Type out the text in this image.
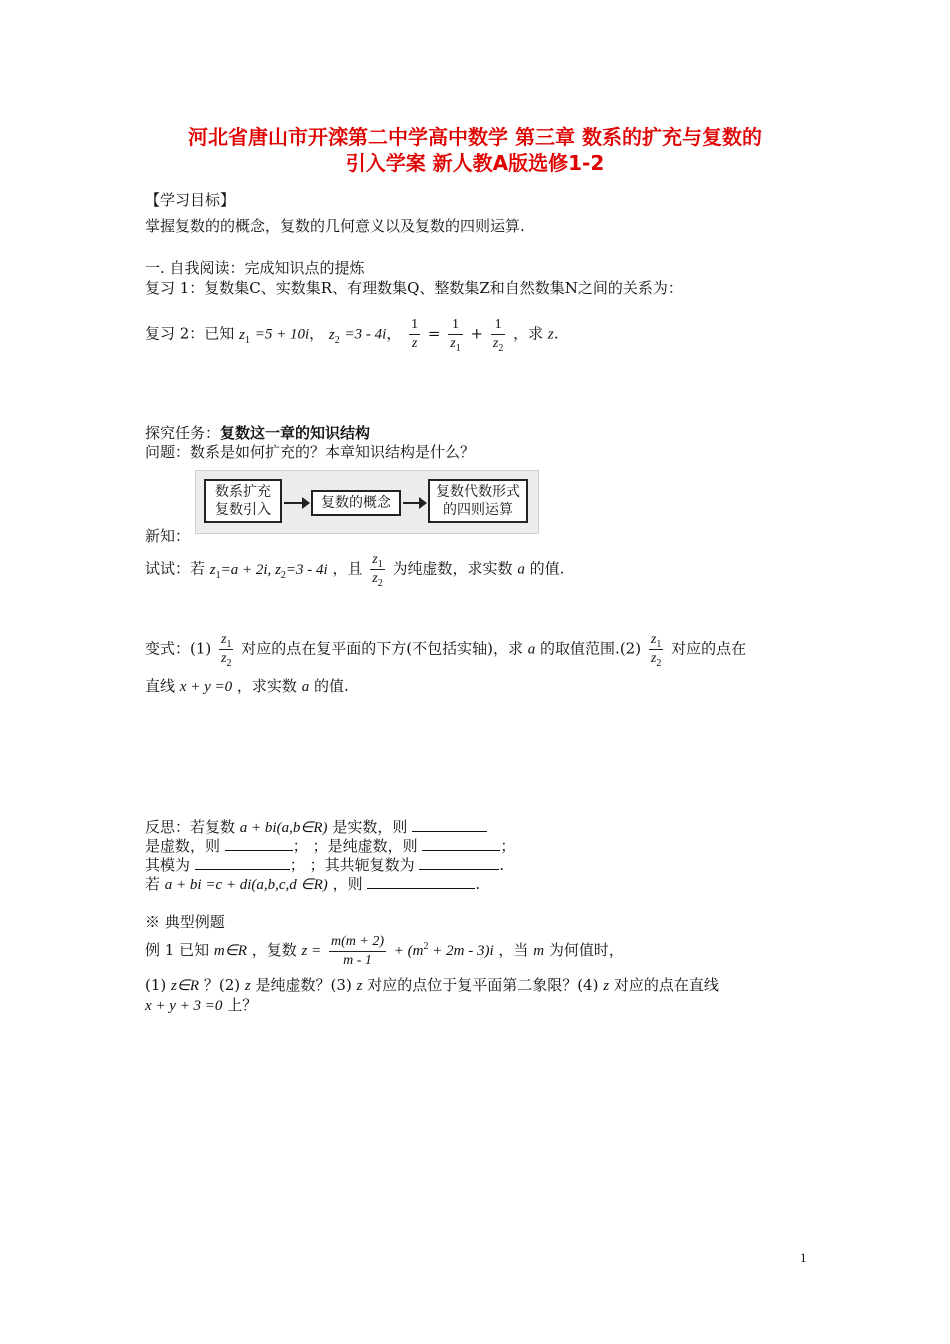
河北省唐山市开滦第二中学高中数学 第三章 数系的扩充与复数的
引入学案 新人教A版选修1-2
【学习目标】
掌握复数的的概念，复数的几何意义以及复数的四则运算.
一. 自我阅读：完成知识点的提炼
复习 1：复数集C、实数集R、有理数集Q、整数集Z和自然数集N之间的关系为：
复习 2：已知 $z_1 =5 + 10i$， $z_2 =3 - 4i$， $\frac{1}{z} = \frac{1}{z_1} + \frac{1}{z_2}$ ，求 z.
探究任务：复数这一章的知识结构
问题：数系是如何扩充的？本章知识结构是什么？
数系扩充
复数引入	复数的概念
复数代数形式
的四则运算
新知：
试试：若 $z_1=a + 2i$, $z_2=3 - 4i$ ，且 $\frac{z_1}{z_2}$ 为纯虚数，求实数 a 的值.
变式：$(1) \frac{z_1}{z_2}$ 对应的点在复平面的下方(不包括实轴)，求 a 的取值范围$.(2) \frac{z_1}{z_2}$ 对应的点在
直线 x + y =0 ，求实数 a 的值.
反思：若复数 a + bi(a,b∈R) 是实数，则
是虚数，则	； ；是纯虚数，则	；
其模为	； ；其共轭复数为	.
若 a + bi =c + di(a,b,c,d ∈R) ，则	.
※ 典型例题
例 1 已知 m∈R ，复数 $z = \frac{m(m + 2)}{m - 1} + (m^2 + 2m - 3)i$ ，当 m 为何值时，
(1) z∈R ？(2) z 是纯虚数？(3) z 对应的点位于复平面第二象限？(4) z 对应的点在直线
x + y + 3 =0 上？
1
